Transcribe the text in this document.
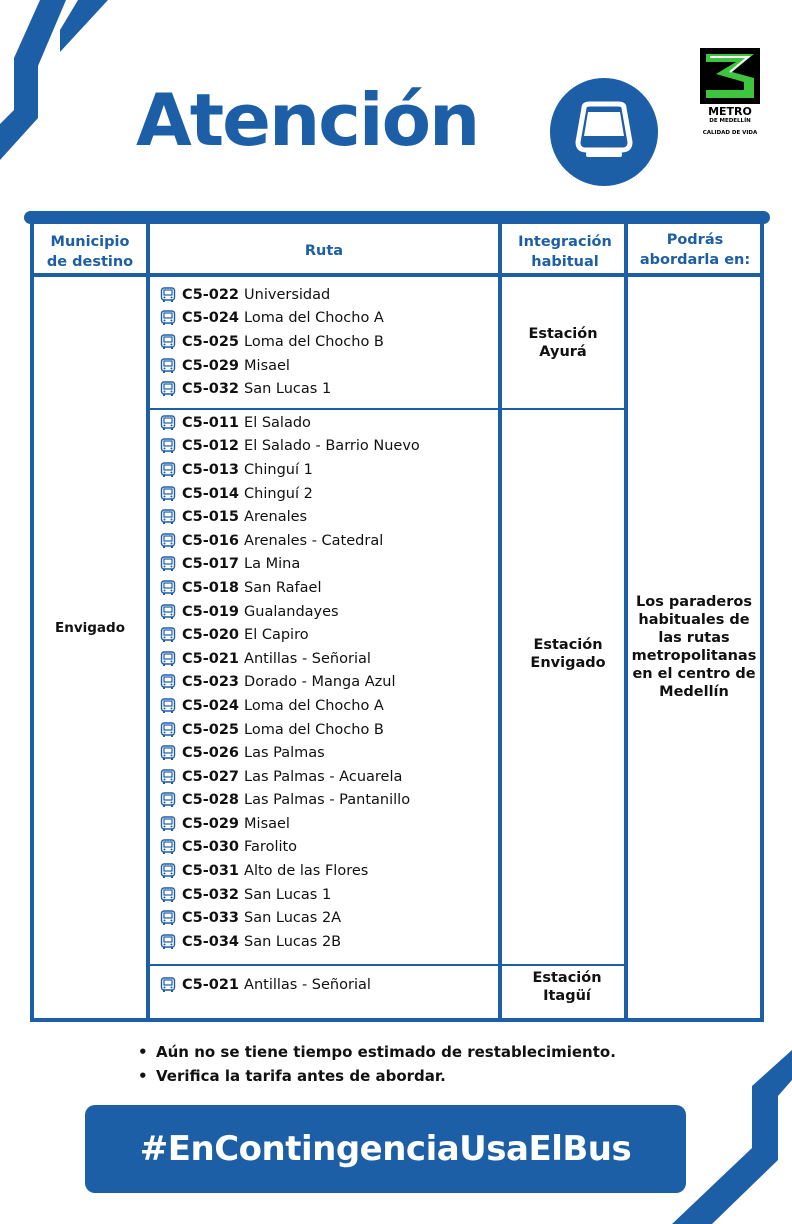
Atención	METRO
DE MEDELLÍN
CALIDAD DE VIDA
Municipio de destino
Ruta
Integración habitual
Podrás abordarla en:
Envigado
Estación Ayurá
Estación Envigado
Estación Itagüí
Los paraderos habituales de las rutas metropolitanas en el centro de Medellín
C5-022 Universidad
C5-024 Loma del Chocho A
C5-025 Loma del Chocho B
C5-029 Misael
C5-032 San Lucas 1
C5-011 El Salado
C5-012 El Salado - Barrio Nuevo
C5-013 Chinguí 1
C5-014 Chinguí 2
C5-015 Arenales
C5-016 Arenales - Catedral
C5-017 La Mina
C5-018 San Rafael
C5-019 Gualandayes
C5-020 El Capiro
C5-021 Antillas - Señorial
C5-023 Dorado - Manga Azul
C5-024 Loma del Chocho A
C5-025 Loma del Chocho B
C5-026 Las Palmas
C5-027 Las Palmas - Acuarela
C5-028 Las Palmas - Pantanillo
C5-029 Misael
C5-030 Farolito
C5-031 Alto de las Flores
C5-032 San Lucas 1
C5-033 San Lucas 2A
C5-034 San Lucas 2B
C5-021 Antillas - Señorial
• Aún no se tiene tiempo estimado de restablecimiento.
• Verifica la tarifa antes de abordar.
#EnContingenciaUsaElBus
